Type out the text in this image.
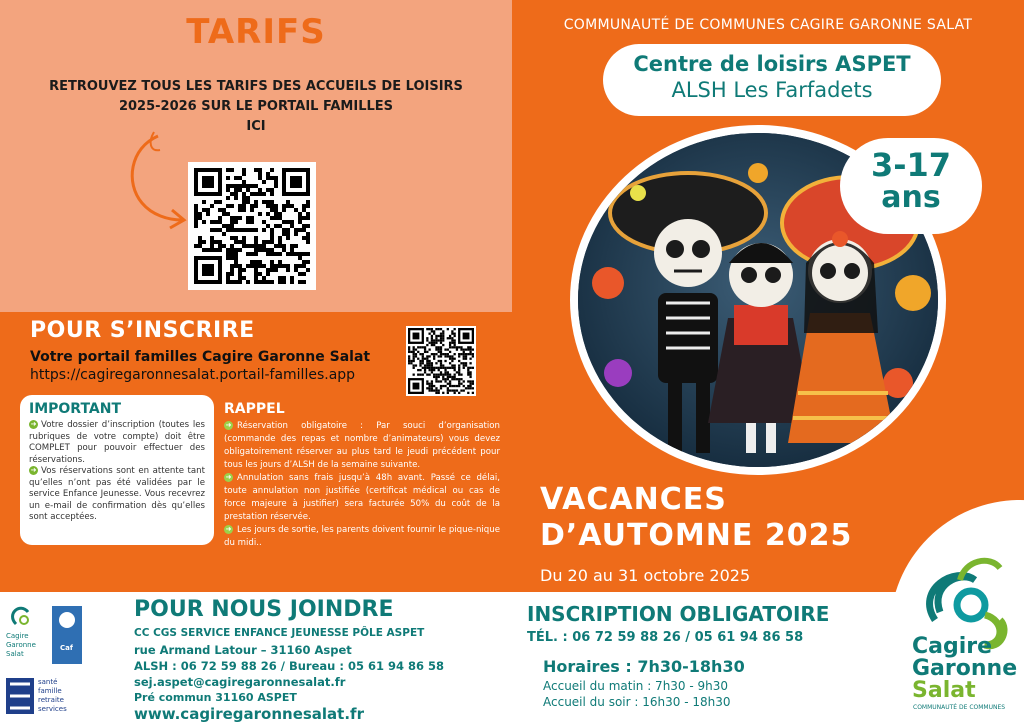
TARIFS
RETROUVEZ TOUS LES TARIFS DES ACCUEILS DE LOISIRS
2025-2026 SUR LE PORTAIL FAMILLES
ICI
POUR S’INSCRIRE
Votre portail familles Cagire Garonne Salat
https://cagiregaronnesalat.portail-familles.app
IMPORTANT
➜ Votre dossier d’inscription (toutes les rubriques de votre compte) doit être COMPLET pour pouvoir effectuer des réservations.
➜ Vos réservations sont en attente tant qu’elles n’ont pas été validées par le service Enfance Jeunesse. Vous recevrez un e-mail de confirmation dès qu’elles sont acceptées.
RAPPEL

➜ Réservation obligatoire : Par souci d’organisation (commande des repas et nombre d’animateurs) vous devez obligatoirement réserver au plus tard le jeudi précédent pour tous les jours d’ALSH de la semaine suivante.

➜ Annulation sans frais jusqu’à 48h avant. Passé ce délai, toute annulation non justifiée (certificat médical ou cas de force majeure à justifier) sera facturée 50% du coût de la prestation réservée.

➜ Les jours de sortie, les parents doivent fournir le pique-nique du midi..

COMMUNAUTÉ DE COMMUNES CAGIRE GARONNE SALAT
Centre de loisirs ASPET
ALSH Les Farfadets
3-17
ans
VACANCES
D’AUTOMNE 2025
Du 20 au 31 octobre 2025
POUR NOUS JOINDRE
CC CGS SERVICE ENFANCE JEUNESSE PÔLE ASPET
rue Armand Latour – 31160 Aspet
ALSH : 06 72 59 88 26 / Bureau : 05 61 94 86 58
sej.aspet@cagiregaronnesalat.fr
Pré commun 31160 ASPET
www.cagiregaronnesalat.fr
INSCRIPTION OBLIGATOIRE
TÉL. : 06 72 59 88 26 / 05 61 94 86 58
Horaires : 7h30-18h30
Accueil du matin : 7h30 - 9h30
Accueil du soir : 16h30 - 18h30
Cagire
Garonne
Salat
COMMUNAUTÉ DE COMMUNES
Cagire
Garonne
Salat
Caf
santé
famille
retraite
services
